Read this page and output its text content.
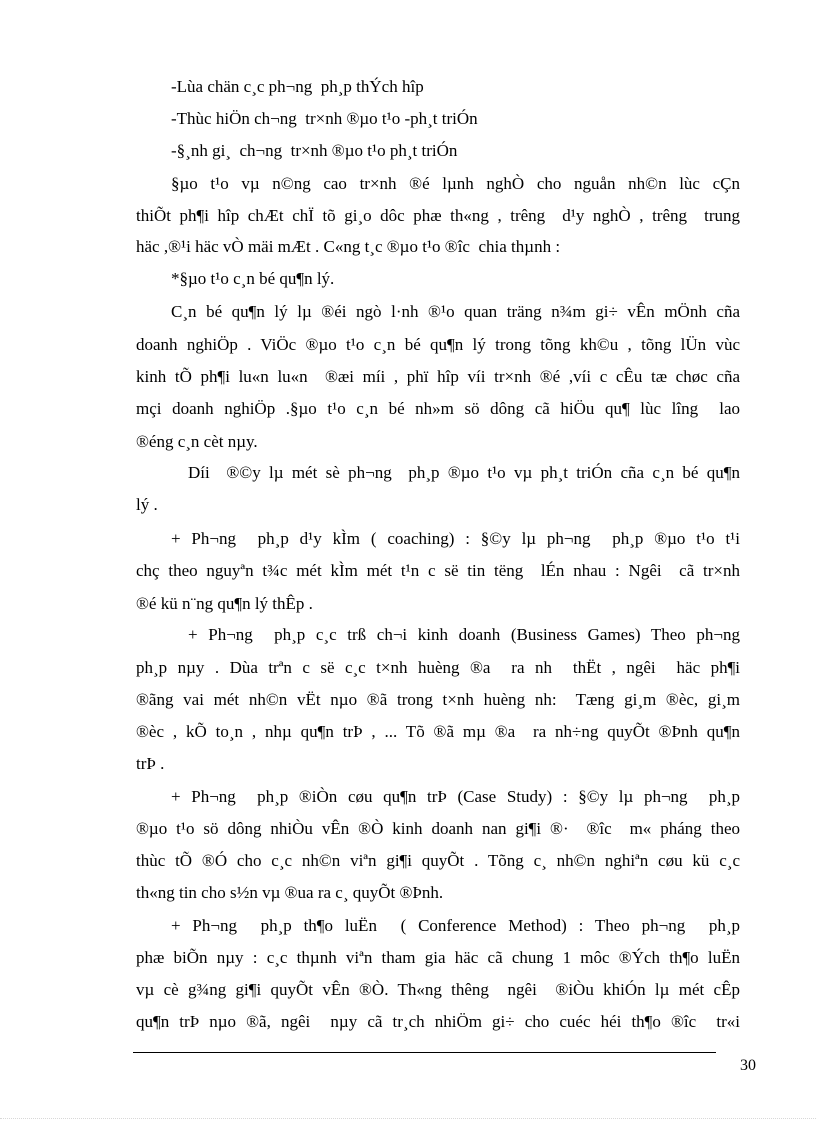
-Lùa chän c¸c ph¬ng  ph¸p thÝch hîp
-Thùc hiÖn ch¬ng  tr×nh ®µo t¹o -ph¸t triÓn
-§¸nh gi¸  ch¬ng  tr×nh ®µo t¹o ph¸t triÓn
§µo t¹o vµ n©ng cao tr×nh ®é lµnh nghÒ cho nguån nh©n lùc cÇn
thiÕt ph¶i hîp chÆt chÏ tõ gi¸o dôc phæ th«ng , trêng  d¹y nghÒ , trêng  trung
häc ,®¹i häc vÒ mäi mÆt . C«ng t¸c ®µo t¹o ®îc  chia thµnh :
*§µo t¹o c¸n bé qu¶n lý.
C¸n bé qu¶n lý lµ ®éi ngò l·nh ®¹o quan träng n¾m gi÷ vÊn mÖnh cña
doanh nghiÖp . ViÖc ®µo t¹o c¸n bé qu¶n lý trong tõng kh©u , tõng lÜn vùc
kinh tÕ ph¶i lu«n lu«n  ®æi míi , phï hîp víi tr×nh ®é ,víi c cÊu tæ chøc cña
mçi doanh nghiÖp .§µo t¹o c¸n bé nh»m sö dông cã hiÖu qu¶ lùc lîng  lao
®éng c¸n cèt nµy.
Díi  ®©y lµ mét sè ph¬ng  ph¸p ®µo t¹o vµ ph¸t triÓn cña c¸n bé qu¶n
lý .
+ Ph¬ng  ph¸p d¹y kÌm ( coaching) : §©y lµ ph¬ng  ph¸p ®µo t¹o t¹i
chç theo nguyªn t¾c mét kÌm mét t¹n c së tin tëng  lÉn nhau : Ngêi  cã tr×nh
®é kü n¨ng qu¶n lý thÊp .
+ Ph¬ng  ph¸p c¸c trß ch¬i kinh doanh (Business Games) Theo ph¬ng
ph¸p nµy . Dùa trªn c së c¸c t×nh huèng ®a  ra nh  thËt , ngêi  häc ph¶i
®ãng vai mét nh©n vËt nµo ®ã trong t×nh huèng nh:  Tæng gi¸m ®èc, gi¸m
®èc , kÕ to¸n , nhµ qu¶n trÞ , ... Tõ ®ã mµ ®a  ra nh÷ng quyÕt ®Þnh qu¶n
trÞ .
+ Ph¬ng  ph¸p ®iÒn cøu qu¶n trÞ (Case Study) : §©y lµ ph¬ng  ph¸p
®µo t¹o sö dông nhiÒu vÊn ®Ò kinh doanh nan gi¶i ®·  ®îc  m« pháng theo
thùc tÕ ®Ó cho c¸c nh©n viªn gi¶i quyÕt . Tõng c¸ nh©n nghiªn cøu kü c¸c
th«ng tin cho s½n vµ ®ua ra c¸ quyÕt ®Þnh.
+ Ph¬ng  ph¸p th¶o luËn  ( Conference Method) : Theo ph¬ng  ph¸p
phæ biÕn nµy : c¸c thµnh viªn tham gia häc cã chung 1 môc ®Ých th¶o luËn
vµ cè g¾ng gi¶i quyÕt vÊn ®Ò. Th«ng thêng  ngêi  ®iÒu khiÓn lµ mét cÊp
qu¶n trÞ nµo ®ã, ngêi  nµy cã tr¸ch nhiÖm gi÷ cho cuéc héi th¶o ®îc  tr«i
30
